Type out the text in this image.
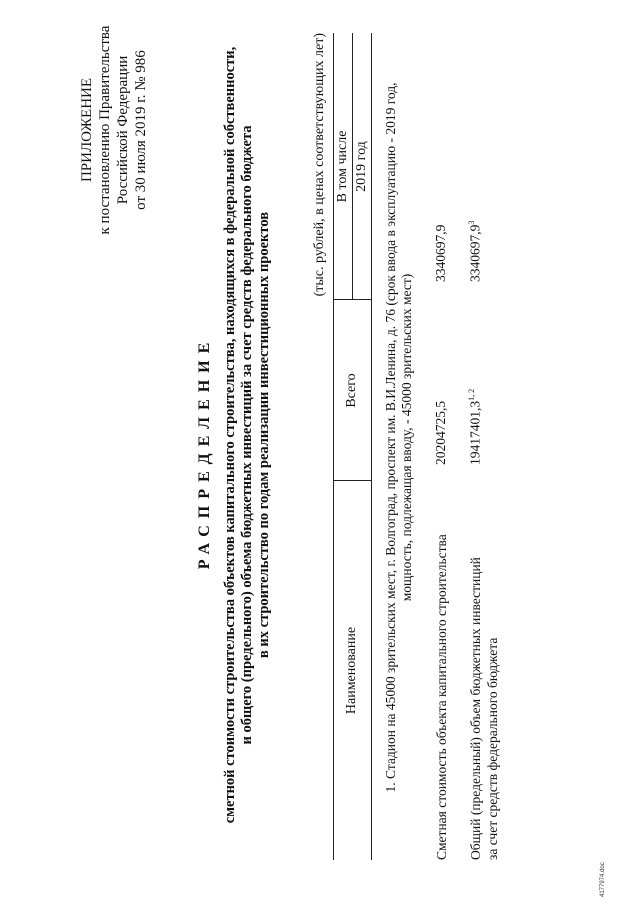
ПРИЛОЖЕНИЕ к постановлению Правительства Российской Федерации от 30 июля 2019 г. № 986
РАСПРЕДЕЛЕНИЕ сметной стоимости строительства объектов капитального строительства, находящихся в федеральной собственности, и общего (предельного) объема бюджетных инвестиций за счет средств федерального бюджета в их строительство по годам реализации инвестиционных проектов
(тыс. рублей, в ценах соответствующих лет)
Наименование
Всего
В том числе 2019 год 1. Стадион на 45000 зрительских мест, г. Волгоград, проспект им. В.И.Ленина, д. 76 (срок ввода в эксплуатацию - 2019 год, мощность, подлежащая вводу, - 45000 зрительских мест)
Сметная стоимость объекта капитального строительства
20204725,5
3340697,9
Общий (предельный) объем бюджетных инвестиций за счет средств федерального бюджета
19417401,3$^{1, 2}$
3340697,9$^3$
4177974.doc
